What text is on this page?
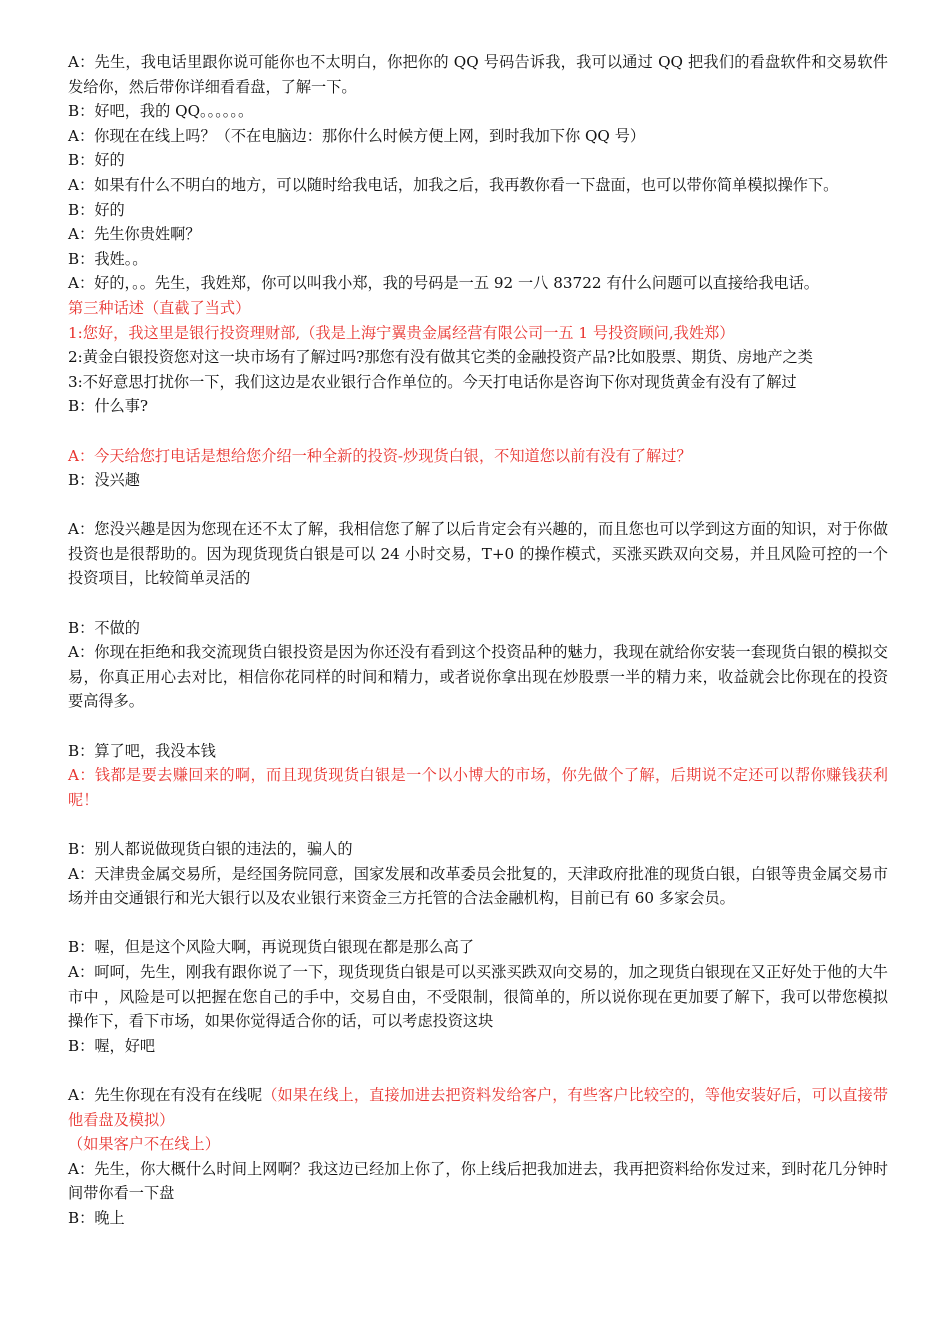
A：先生，我电话里跟你说可能你也不太明白，你把你的 QQ 号码告诉我，我可以通过 QQ 把我们的看盘软件和交易软件发给你，然后带你详细看看盘，了解一下。

B：好吧，我的 QQ。。。。。。

A：你现在在线上吗？（不在电脑边：那你什么时候方便上网，到时我加下你 QQ 号）

B：好的

A：如果有什么不明白的地方，可以随时给我电话，加我之后，我再教你看一下盘面，也可以带你简单模拟操作下。

B：好的

A：先生你贵姓啊？

B：我姓。。

A：好的，。。先生，我姓郑，你可以叫我小郑，我的号码是一五 92 一八 83722 有什么问题可以直接给我电话。

第三种话述（直截了当式）

1:您好，我这里是银行投资理财部,（我是上海宁翼贵金属经营有限公司一五 1 号投资顾问,我姓郑）

2:黄金白银投资您对这一块市场有了解过吗?那您有没有做其它类的金融投资产品?比如股票、期货、房地产之类

3:不好意思打扰你一下，我们这边是农业银行合作单位的。今天打电话你是咨询下你对现货黄金有没有了解过

B：什么事?

A：今天给您打电话是想给您介绍一种全新的投资-炒现货白银，不知道您以前有没有了解过？

B：没兴趣

A：您没兴趣是因为您现在还不太了解，我相信您了解了以后肯定会有兴趣的，而且您也可以学到这方面的知识，对于你做投资也是很帮助的。因为现货现货白银是可以 24 小时交易，T+0 的操作模式，买涨买跌双向交易，并且风险可控的一个投资项目，比较简单灵活的

B：不做的

A：你现在拒绝和我交流现货白银投资是因为你还没有看到这个投资品种的魅力，我现在就给你安装一套现货白银的模拟交易，你真正用心去对比，相信你花同样的时间和精力，或者说你拿出现在炒股票一半的精力来，收益就会比你现在的投资要高得多。

B：算了吧，我没本钱

A：钱都是要去赚回来的啊，而且现货现货白银是一个以小博大的市场，你先做个了解，后期说不定还可以帮你赚钱获利呢！

B：别人都说做现货白银的违法的，骗人的

A：天津贵金属交易所，是经国务院同意，国家发展和改革委员会批复的，天津政府批准的现货白银，白银等贵金属交易市场并由交通银行和光大银行以及农业银行来资金三方托管的合法金融机构，目前已有 60 多家会员。

B：喔，但是这个风险大啊，再说现货白银现在都是那么高了

A：呵呵，先生，刚我有跟你说了一下，现货现货白银是可以买涨买跌双向交易的，加之现货白银现在又正好处于他的大牛市中 ，风险是可以把握在您自己的手中，交易自由，不受限制，很简单的，所以说你现在更加要了解下，我可以带您模拟操作下，看下市场，如果你觉得适合你的话，可以考虑投资这块

B：喔，好吧

A：先生你现在有没有在线呢（如果在线上，直接加进去把资料发给客户，有些客户比较空的，等他安装好后，可以直接带他看盘及模拟）

（如果客户不在线上）

A：先生，你大概什么时间上网啊？我这边已经加上你了，你上线后把我加进去，我再把资料给你发过来，到时花几分钟时间带你看一下盘

B：晚上
